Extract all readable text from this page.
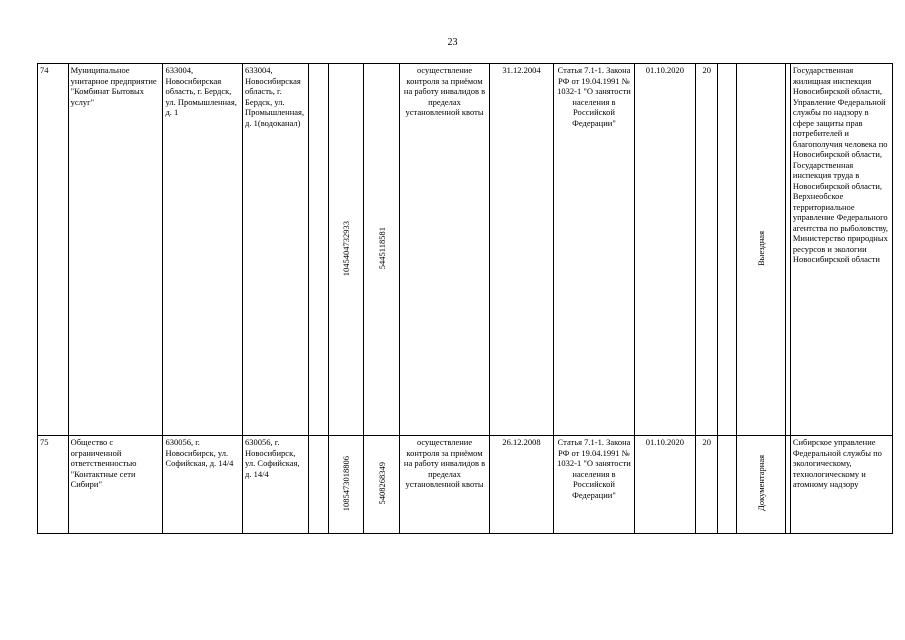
23
74	Муниципальное унитарное предприятие "Комбинат Бытовых услуг"	633004, Новосибирская область, г. Бердск, ул. Промышленная, д. 1	633004, Новосибирская область, г. Бердск, ул. Промышленная, д. 1(водоканал)		1045404732933	5445118581	осуществление контроля за приёмом на работу инвалидов в пределах установленной квоты	31.12.2004	Статья 7.1-1. Закона РФ от 19.04.1991 № 1032-1 "О занятости населения в Российской Федерации"	01.10.2020	20		Выездная		Государственная жилищная инспекция Новосибирской области, Управление Федеральной службы по надзору в сфере защиты прав потребителей и благополучия человека по Новосибирской области, Государственная инспекция труда в Новосибирской области, Верхнеобское территориальное управление Федерального агентства по рыболовству, Министерство природных ресурсов и экологии Новосибирской области
75	Общество с ограниченной ответственностью "Контактные сети Сибири"	630056, г. Новосибирск, ул. Софийская, д. 14/4	630056, г. Новосибирск, ул. Софийская, д. 14/4		1085473018806	5408268349	осуществление контроля за приёмом на работу инвалидов в пределах установленной квоты	26.12.2008	Статья 7.1-1. Закона РФ от 19.04.1991 № 1032-1 "О занятости населения в Российской Федерации"	01.10.2020	20		Документарная		Сибирское управление Федеральной службы по экологическому, технологическому и атомному надзору
